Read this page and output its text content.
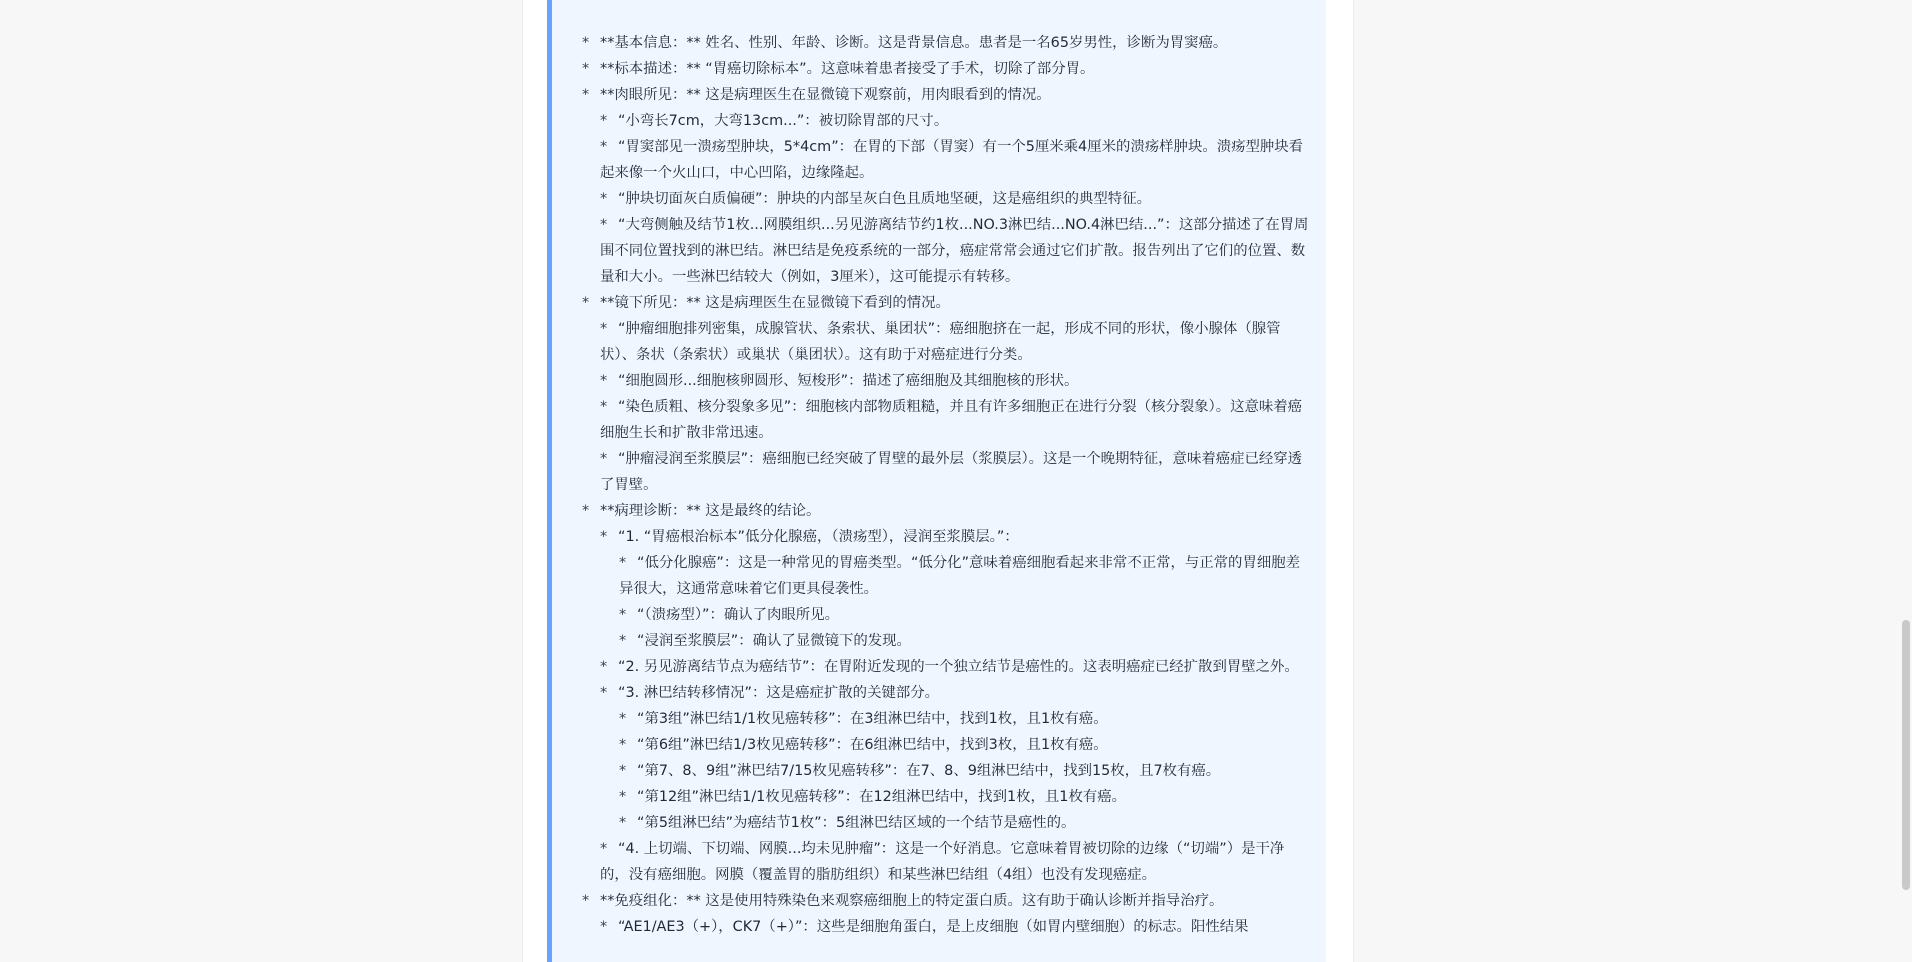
* **基本信息：** 姓名、性别、年龄、诊断。这是背景信息。患者是一名65岁男性，诊断为胃窦癌。
* **标本描述：** “胃癌切除标本”。这意味着患者接受了手术，切除了部分胃。
* **肉眼所见：** 这是病理医生在显微镜下观察前，用肉眼看到的情况。
* “小弯长7cm，大弯13cm...”：被切除胃部的尺寸。
* “胃窦部见一溃疡型肿块，5*4cm”：在胃的下部（胃窦）有一个5厘米乘4厘米的溃疡样肿块。溃疡型肿块看起来像一个火山口，中心凹陷，边缘隆起。
* “肿块切面灰白质偏硬”：肿块的内部呈灰白色且质地坚硬，这是癌组织的典型特征。
* “大弯侧触及结节1枚...网膜组织...另见游离结节约1枚...NO.3淋巴结...NO.4淋巴结...”：这部分描述了在胃周围不同位置找到的淋巴结。淋巴结是免疫系统的一部分，癌症常常会通过它们扩散。报告列出了它们的位置、数量和大小。一些淋巴结较大（例如，3厘米），这可能提示有转移。
* **镜下所见：** 这是病理医生在显微镜下看到的情况。
* “肿瘤细胞排列密集，成腺管状、条索状、巢团状”：癌细胞挤在一起，形成不同的形状，像小腺体（腺管状）、条状（条索状）或巢状（巢团状）。这有助于对癌症进行分类。
* “细胞圆形...细胞核卵圆形、短梭形”：描述了癌细胞及其细胞核的形状。
* “染色质粗、核分裂象多见”：细胞核内部物质粗糙，并且有许多细胞正在进行分裂（核分裂象）。这意味着癌细胞生长和扩散非常迅速。
* “肿瘤浸润至浆膜层”：癌细胞已经突破了胃壁的最外层（浆膜层）。这是一个晚期特征，意味着癌症已经穿透了胃壁。
* **病理诊断：** 这是最终的结论。
* “1. “胃癌根治标本”低分化腺癌，（溃疡型），浸润至浆膜层。”：
* “低分化腺癌”：这是一种常见的胃癌类型。“低分化”意味着癌细胞看起来非常不正常，与正常的胃细胞差异很大，这通常意味着它们更具侵袭性。
* “（溃疡型）”：确认了肉眼所见。
* “浸润至浆膜层”：确认了显微镜下的发现。
* “2. 另见游离结节点为癌结节”：在胃附近发现的一个独立结节是癌性的。这表明癌症已经扩散到胃壁之外。
* “3. 淋巴结转移情况”：这是癌症扩散的关键部分。
* “第3组”淋巴结1/1枚见癌转移”：在3组淋巴结中，找到1枚，且1枚有癌。
* “第6组”淋巴结1/3枚见癌转移”：在6组淋巴结中，找到3枚，且1枚有癌。
* “第7、8、9组”淋巴结7/15枚见癌转移”：在7、8、9组淋巴结中，找到15枚，且7枚有癌。
* “第12组”淋巴结1/1枚见癌转移”：在12组淋巴结中，找到1枚，且1枚有癌。
* “第5组淋巴结”为癌结节1枚”：5组淋巴结区域的一个结节是癌性的。
* “4. 上切端、下切端、网膜...均未见肿瘤”：这是一个好消息。它意味着胃被切除的边缘（“切端”）是干净的，没有癌细胞。网膜（覆盖胃的脂肪组织）和某些淋巴结组（4组）也没有发现癌症。
* **免疫组化：** 这是使用特殊染色来观察癌细胞上的特定蛋白质。这有助于确认诊断并指导治疗。
* “AE1/AE3（+），CK7（+）”：这些是细胞角蛋白，是上皮细胞（如胃内壁细胞）的标志。阳性结果
